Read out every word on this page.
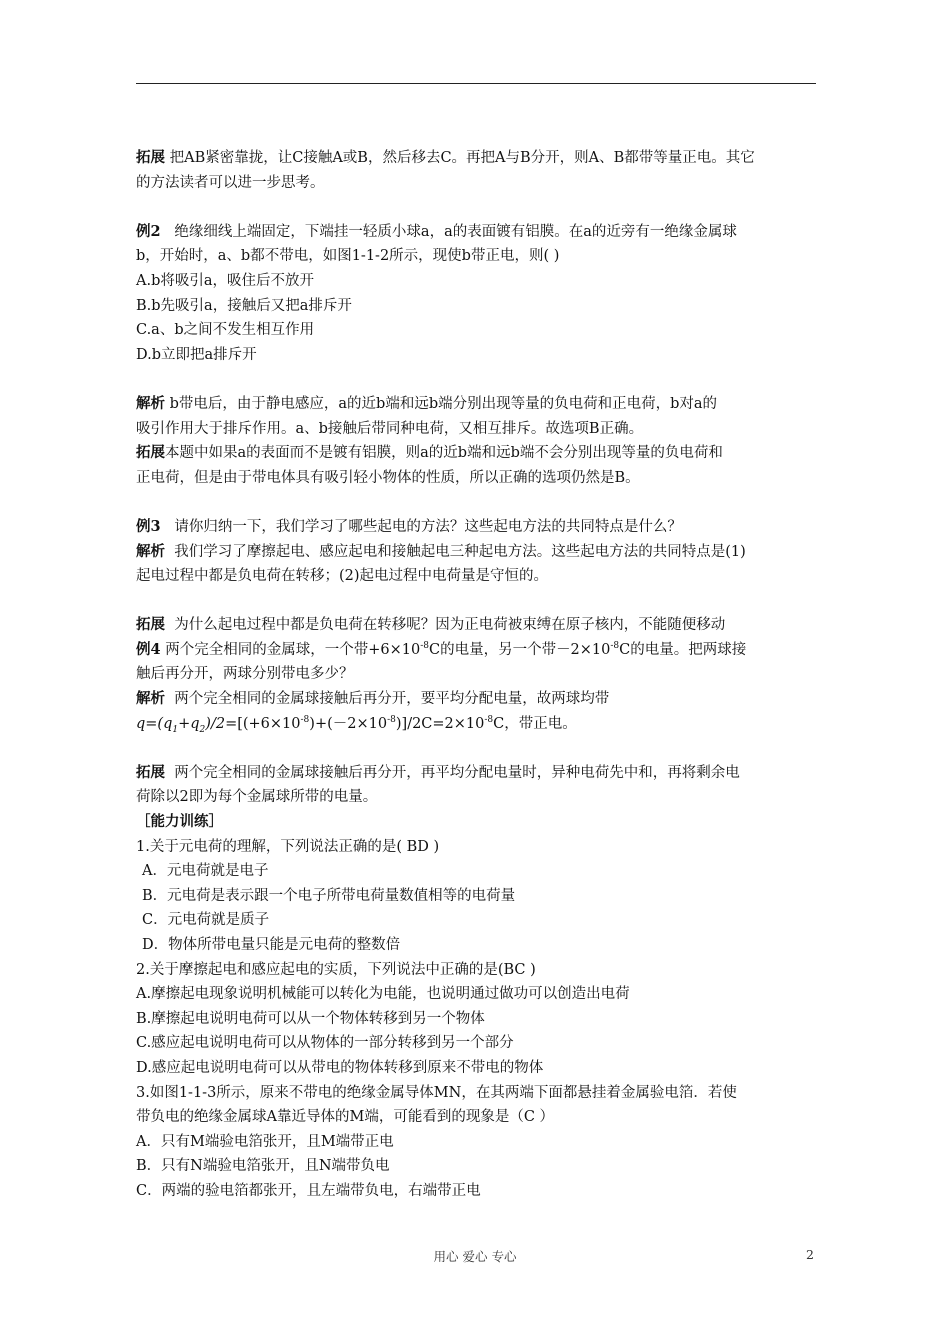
拓展 把AB紧密靠拢，让C接触A或B，然后移去C。再把A与B分开，则A、B都带等量正电。其它
的方法读者可以进一步思考。
例2 绝缘细线上端固定，下端挂一轻质小球a，a的表面镀有铝膜。在a的近旁有一绝缘金属球
b，开始时，a、b都不带电，如图1-1-2所示，现使b带正电，则( )
A.b将吸引a，吸住后不放开
B.b先吸引a，接触后又把a排斥开
C.a、b之间不发生相互作用
D.b立即把a排斥开
解析 b带电后，由于静电感应，a的近b端和远b端分别出现等量的负电荷和正电荷，b对a的
吸引作用大于排斥作用。a、b接触后带同种电荷，又相互排斥。故选项B正确。
拓展本题中如果a的表面而不是镀有铝膜，则a的近b端和远b端不会分别出现等量的负电荷和
正电荷，但是由于带电体具有吸引轻小物体的性质，所以正确的选项仍然是B。
例3 请你归纳一下，我们学习了哪些起电的方法？这些起电方法的共同特点是什么？
解析 我们学习了摩擦起电、感应起电和接触起电三种起电方法。这些起电方法的共同特点是(1)
起电过程中都是负电荷在转移；(2)起电过程中电荷量是守恒的。
拓展 为什么起电过程中都是负电荷在转移呢？因为正电荷被束缚在原子核内，不能随便移动
例4 两个完全相同的金属球，一个带$+6\times 10^{-8}C$的电量，另一个带$-2\times 10^{-8}C$的电量。把两球接
触后再分开，两球分别带电多少？
解析 两个完全相同的金属球接触后再分开，要平均分配电量，故两球均带
$q=(q_1+q_2)/2=[(+6\times 10^{-8})+(-2\times 10^{-8})]/2C=2\times 10^{-8}C$，带正电。
拓展 两个完全相同的金属球接触后再分开，再平均分配电量时，异种电荷先中和，再将剩余电
荷除以2即为每个金属球所带的电量。
［能力训练］
1.关于元电荷的理解，下列说法正确的是( BD )
A．元电荷就是电子
B．元电荷是表示跟一个电子所带电荷量数值相等的电荷量
C．元电荷就是质子
D．物体所带电量只能是元电荷的整数倍
2.关于摩擦起电和感应起电的实质，下列说法中正确的是(BC )
A.摩擦起电现象说明机械能可以转化为电能，也说明通过做功可以创造出电荷
B.摩擦起电说明电荷可以从一个物体转移到另一个物体
C.感应起电说明电荷可以从物体的一部分转移到另一个部分
D.感应起电说明电荷可以从带电的物体转移到原来不带电的物体
3.如图1-1-3所示，原来不带电的绝缘金属导体MN，在其两端下面都悬挂着金属验电箔．若使
带负电的绝缘金属球A靠近导体的M端，可能看到的现象是（C ）
A．只有M端验电箔张开，且M端带正电
B．只有N端验电箔张开，且N端带负电
C．两端的验电箔都张开，且左端带负电，右端带正电
用心 爱心 专心	2
